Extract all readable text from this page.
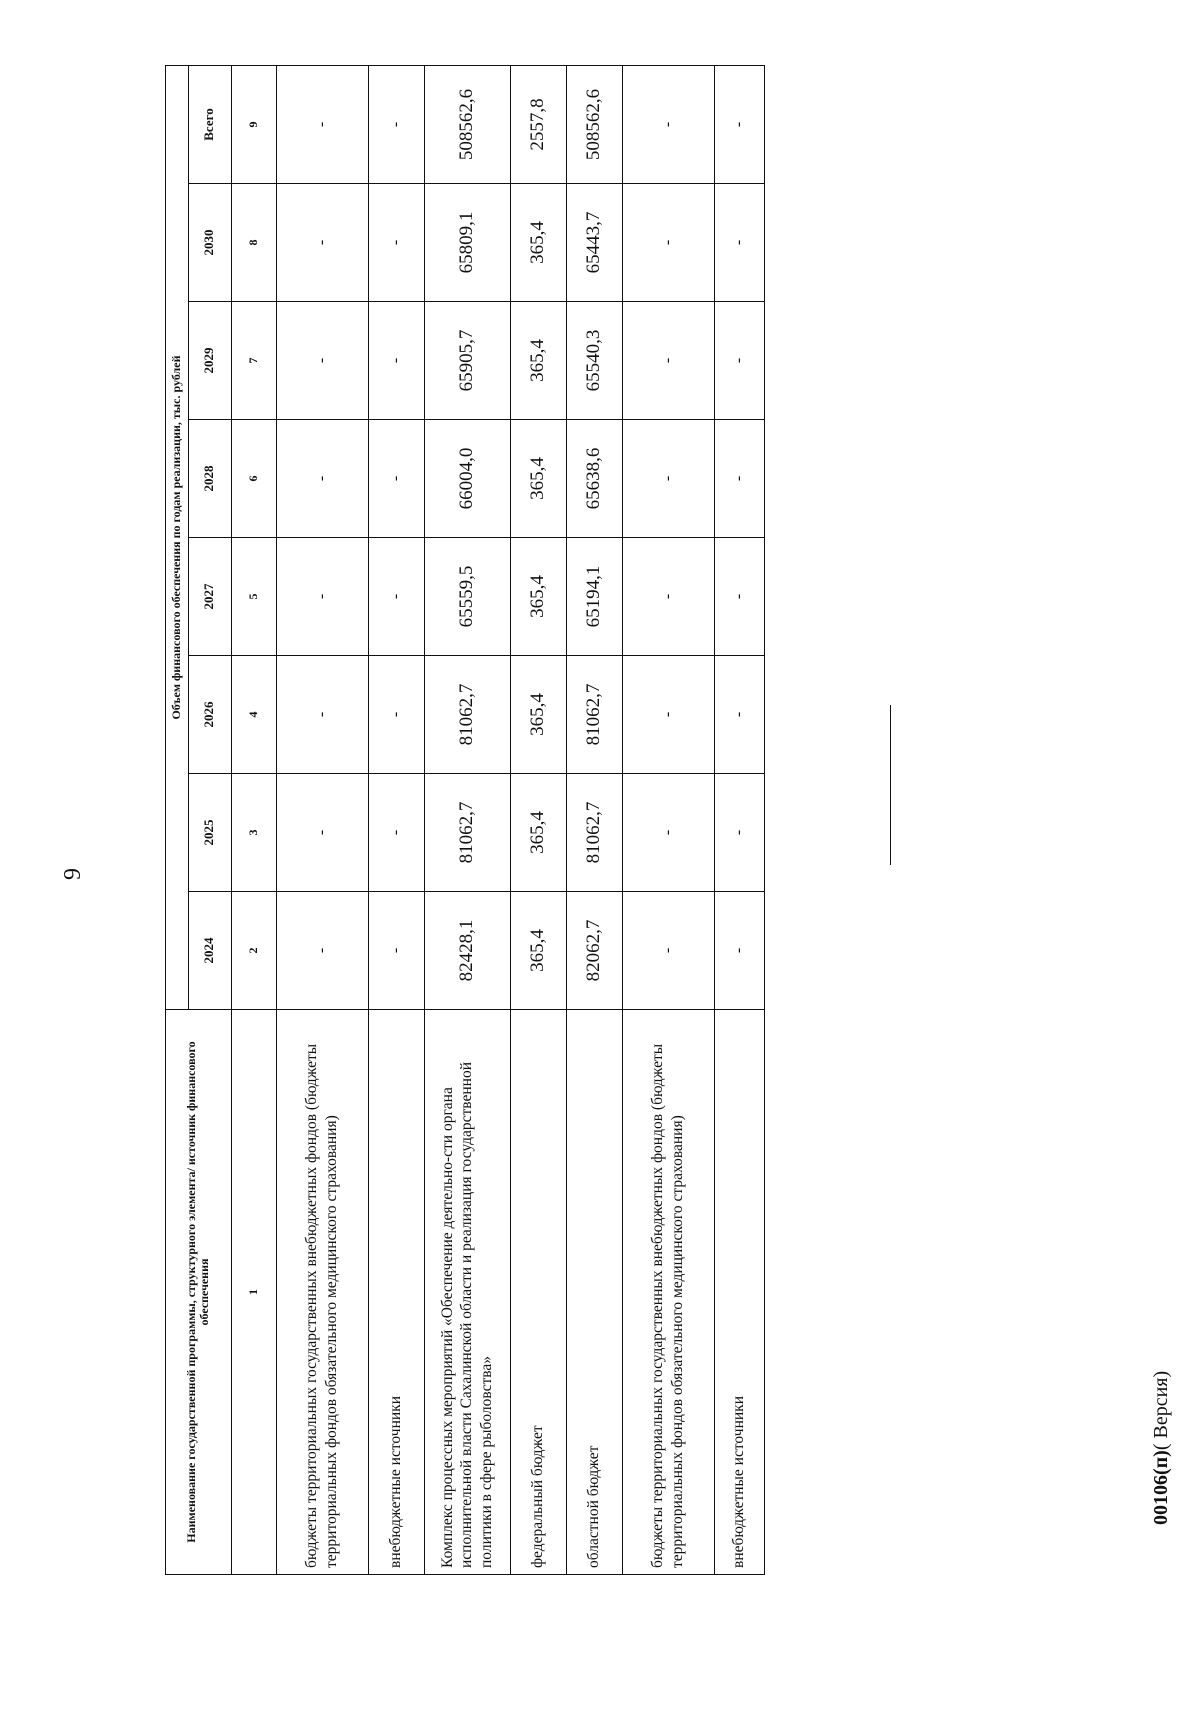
9
Наименование государственной программы, структурного элемента/ источник финансового обеспечения	Объем финансового обеспечения по годам реализации, тыс. рублей							
	2024	2025	2026	2027	2028	2029	2030	Всего
1	2	3	4	5	6	7	8	9
бюджеты территориальных государственных внебюджетных фондов (бюджеты территориальных фондов обязательного медицинского страхования)	-	-	-	-	-	-	-	-
внебюджетные источники	-	-	-	-	-	-	-	-
Комплекс процессных мероприятий «Обеспечение деятельно-сти органа исполнительной власти Сахалинской области и реализация государственной политики в сфере рыболовства»	82428,1	81062,7	81062,7	65559,5	66004,0	65905,7	65809,1	508562,6
федеральный бюджет	365,4	365,4	365,4	365,4	365,4	365,4	365,4	2557,8
областной бюджет	82062,7	81062,7	81062,7	65194,1	65638,6	65540,3	65443,7	508562,6
бюджеты территориальных государственных внебюджетных фондов (бюджеты территориальных фондов обязательного медицинского страхования)	-	-	-	-	-	-	-	-
внебюджетные источники	-	-	-	-	-	-	-	-
00106(п)( Версия)
